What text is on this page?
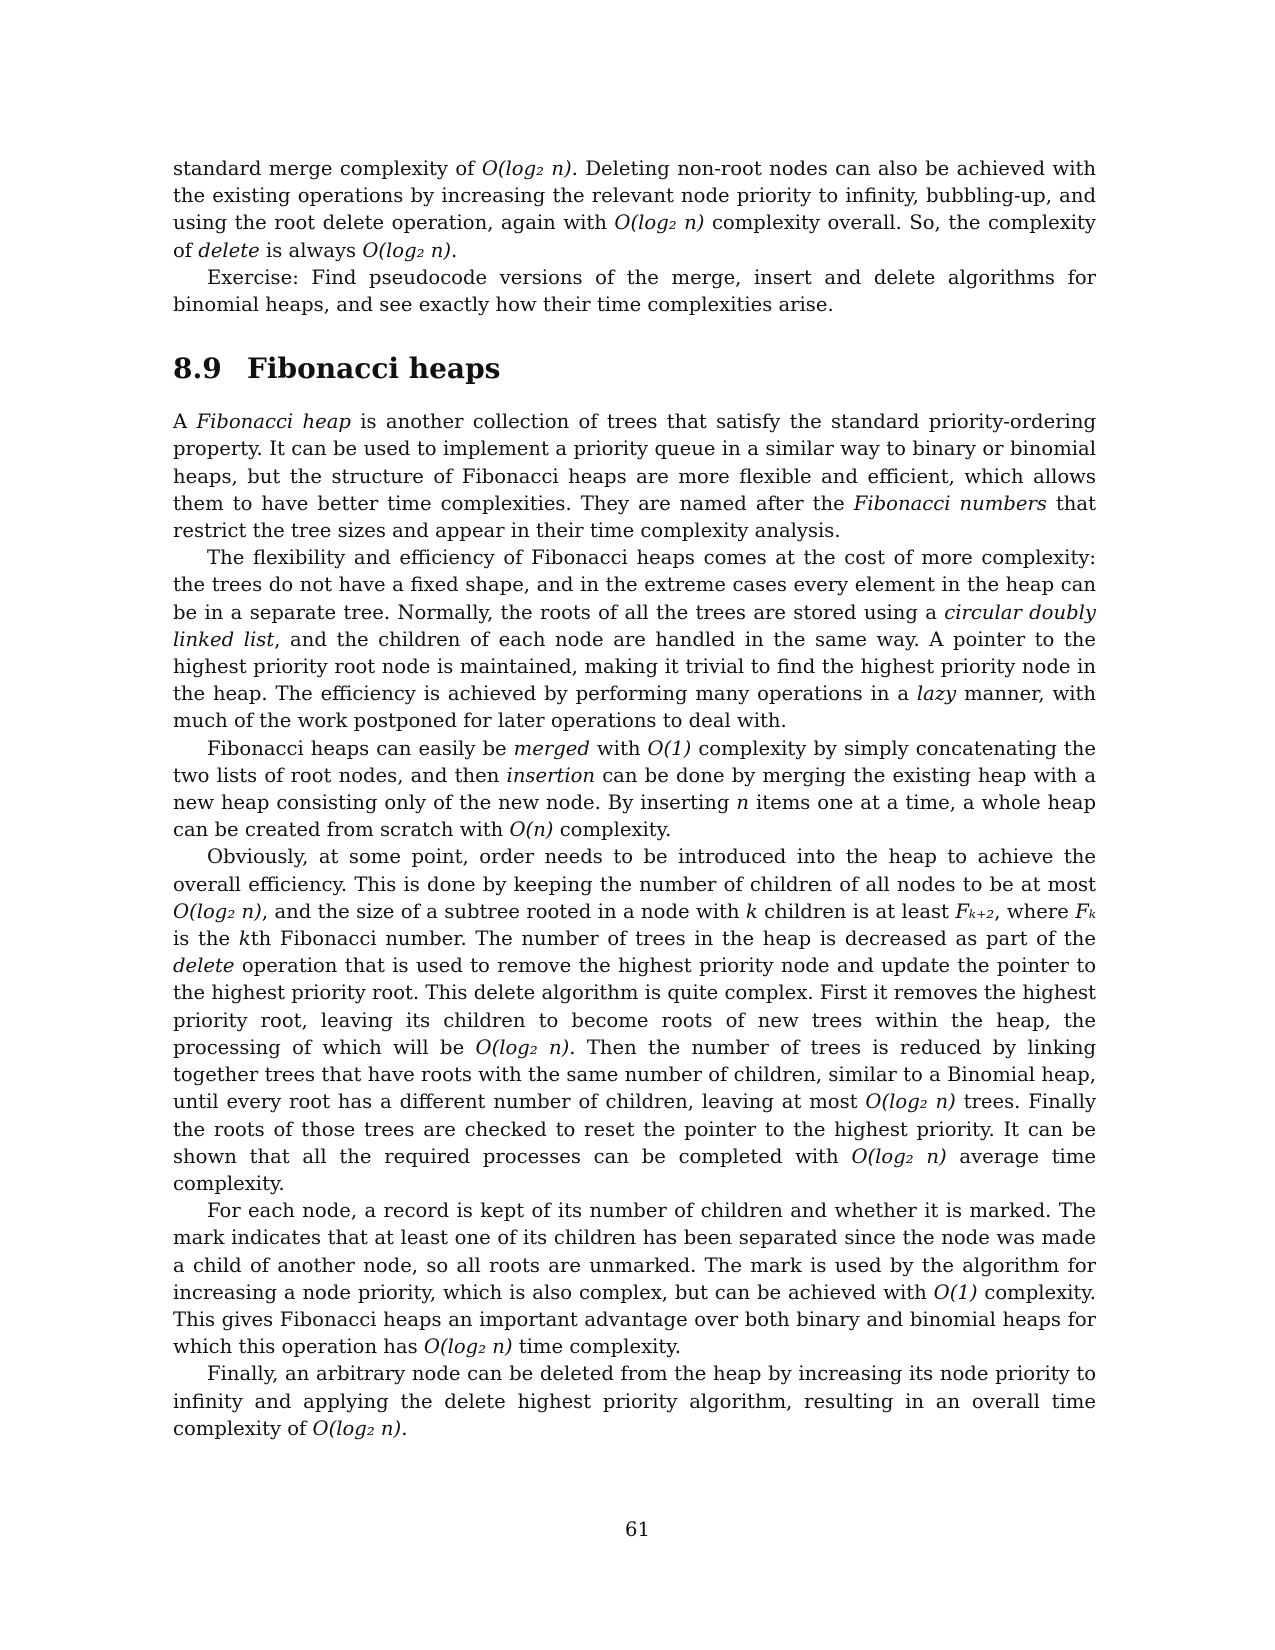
standard merge complexity of O(log₂ n). Deleting non-root nodes can also be achieved with the existing operations by increasing the relevant node priority to infinity, bubbling-up, and using the root delete operation, again with O(log₂ n) complexity overall. So, the complexity of delete is always O(log₂ n).

Exercise: Find pseudocode versions of the merge, insert and delete algorithms for binomial heaps, and see exactly how their time complexities arise.

8.9 Fibonacci heaps

A Fibonacci heap is another collection of trees that satisfy the standard priority-ordering property. It can be used to implement a priority queue in a similar way to binary or binomial heaps, but the structure of Fibonacci heaps are more flexible and efficient, which allows them to have better time complexities. They are named after the Fibonacci numbers that restrict the tree sizes and appear in their time complexity analysis.

The flexibility and efficiency of Fibonacci heaps comes at the cost of more complexity: the trees do not have a fixed shape, and in the extreme cases every element in the heap can be in a separate tree. Normally, the roots of all the trees are stored using a circular doubly linked list, and the children of each node are handled in the same way. A pointer to the highest priority root node is maintained, making it trivial to find the highest priority node in the heap. The efficiency is achieved by performing many operations in a lazy manner, with much of the work postponed for later operations to deal with.

Fibonacci heaps can easily be merged with O(1) complexity by simply concatenating the two lists of root nodes, and then insertion can be done by merging the existing heap with a new heap consisting only of the new node. By inserting n items one at a time, a whole heap can be created from scratch with O(n) complexity.

Obviously, at some point, order needs to be introduced into the heap to achieve the overall efficiency. This is done by keeping the number of children of all nodes to be at most O(log₂ n), and the size of a subtree rooted in a node with k children is at least Fₖ₊₂, where Fₖ is the kth Fibonacci number. The number of trees in the heap is decreased as part of the delete operation that is used to remove the highest priority node and update the pointer to the highest priority root. This delete algorithm is quite complex. First it removes the highest priority root, leaving its children to become roots of new trees within the heap, the processing of which will be O(log₂ n). Then the number of trees is reduced by linking together trees that have roots with the same number of children, similar to a Binomial heap, until every root has a different number of children, leaving at most O(log₂ n) trees. Finally the roots of those trees are checked to reset the pointer to the highest priority. It can be shown that all the required processes can be completed with O(log₂ n) average time complexity.

For each node, a record is kept of its number of children and whether it is marked. The mark indicates that at least one of its children has been separated since the node was made a child of another node, so all roots are unmarked. The mark is used by the algorithm for increasing a node priority, which is also complex, but can be achieved with O(1) complexity. This gives Fibonacci heaps an important advantage over both binary and binomial heaps for which this operation has O(log₂ n) time complexity.

Finally, an arbitrary node can be deleted from the heap by increasing its node priority to infinity and applying the delete highest priority algorithm, resulting in an overall time complexity of O(log₂ n).

61
